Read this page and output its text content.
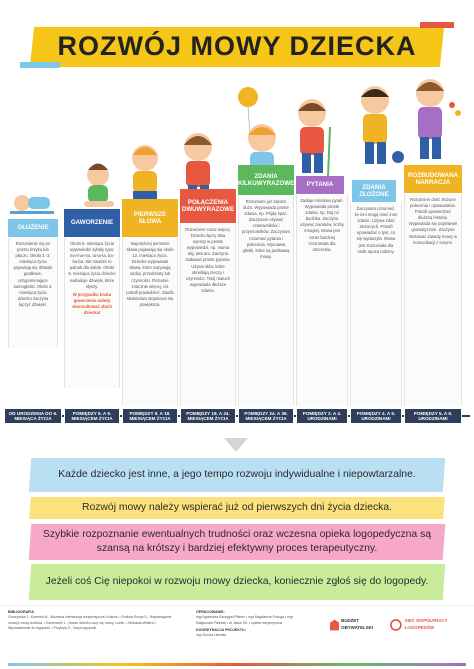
ROZWÓJ MOWY DZIECKA
GŁUŻENIE
GAWORZENIE
PIERWSZE SŁOWA
POŁĄCZENIA DWUWYRAZOWE
ZDANIA KILKUWYRAZOWE	PYTANIA	ZDANIA ZŁOŻONE
ROZBUDOWANA NARRACJA

Rozumienie się po prostu krzyku lub płaczu. Około 2.-3. miesiąca życia pojawiają się dźwięki gardłowe, przypominające samogłoski. Około 4. miesiąca życia dziecko zaczyna łączyć dźwięki.

Około 6. miesiąca życia wypowiedzi sylaby typu: ma-ma-ma, ta-ta-ta, ba-ba-ba. Nie zawsze to jednak dla siebie. Około 8. miesiąca życia dziecko naśladuje dźwięki, które słyszy.

W przypadku braku gaworzenia należy skonsultować słuch dziecka!

Najczęściej pierwsze słowa pojawiają się około 12. miesiąca życia. Dziecko wypowiada słowa, które nazywają osoby, przedmioty lub czynności. Rozumie znacznie więcej, niż potrafi powiedzieć. Zasób słownictwa stopniowo się powiększa.

Rozumiem coraz więcej. Dziecko łączy dwa wyrazy w proste wypowiedzi, np. mama daj, tata am. Zaczyna zadawać proste pytania. Używa słów, które określają rzeczy i czynności. Twój maluch wypowiada dłuższe zdania.

Rozumiem już bardzo dużo. Wypowiada proste zdania, np. Pójdę spać. Zaczynam używać czasowników i przymiotników. Zaczynam rozumieć pytania i polecenia. Wymawia głoski, które są podstawą mowy.

Zadaje mnóstwo pytań. Wypowiada proste zdania, np. Daj mi budzika. Zaczyna używać zaimków, liczby mnogiej. Mowa jest coraz bardziej zrozumiała dla otoczenia.

Zaczynam rozumieć, że inni mogą mieć inne zdanie. Używa zdań złożonych. Potrafi opowiadać o tym, co się wydarzyło. Mowa jest zrozumiała dla osób spoza rodziny.

Rozumiem dość złożone polecenia i opowiadania. Potrafi opowiedzieć dłuższą historię. Wypowiada się poprawnie gramatycznie. Zaczyna stosować zasady mowy w komunikacji z innymi.

OD URODZENIA DO 6. MIESIĄCA ŻYCIA
POMIĘDZY 6. A 9. MIESIĄCEM ŻYCIA
POMIĘDZY 9. A 18. MIESIĄCEM ŻYCIA
POMIĘDZY 18. A 24. MIESIĄCEM ŻYCIA
POMIĘDZY 24. A 36. MIESIĄCEM ŻYCIA
POMIĘDZY 3. A 4. URODZINAMI
POMIĘDZY 4. A 5. URODZINAMI
POMIĘDZY 5. A 6. URODZINAMI
Każde dziecko jest inne, a jego tempo rozwoju indywidualne i niepowtarzalne.
Rozwój mowy należy wspierać już od pierwszych dni życia dziecka.
Szybkie rozpoznanie ewentualnych trudności oraz wczesna opieka logopedyczna są szansą na krótszy i bardziej efektywny proces terapeutyczny.
Jeżeli coś Cię niepokoi w rozwoju mowy dziecka, koniecznie zgłoś się do logopedy.
BIBLIOGRAFIA
Cieszyńska J., Korendo M., Wczesna interwencja terapeutyczna. Kraków. • Emiluta-Rozya D., Wspomaganie rozwoju mowy dziecka. • Kaczmarek L., Nasze dziecko uczy się mowy. Lublin. • Michalak-Widera I., Wprowadzenie do logopedii. • Przybyla O., Zarys logopedii.
OPRACOWANIE:
mgr Agnieszka Szczygieł-Pilarek • mgr Magdalena Pożoga • mgr Małgorzata Pietrzak • dr Jakub Sk. • opieka merytoryczna
KOORDYNACJA PROJEKTU:
mgr Dorota Lisiecka
BUDŻET OBYWATELSKI
SIEĆ WSPÓŁPRACY LOGOPEDÓW
